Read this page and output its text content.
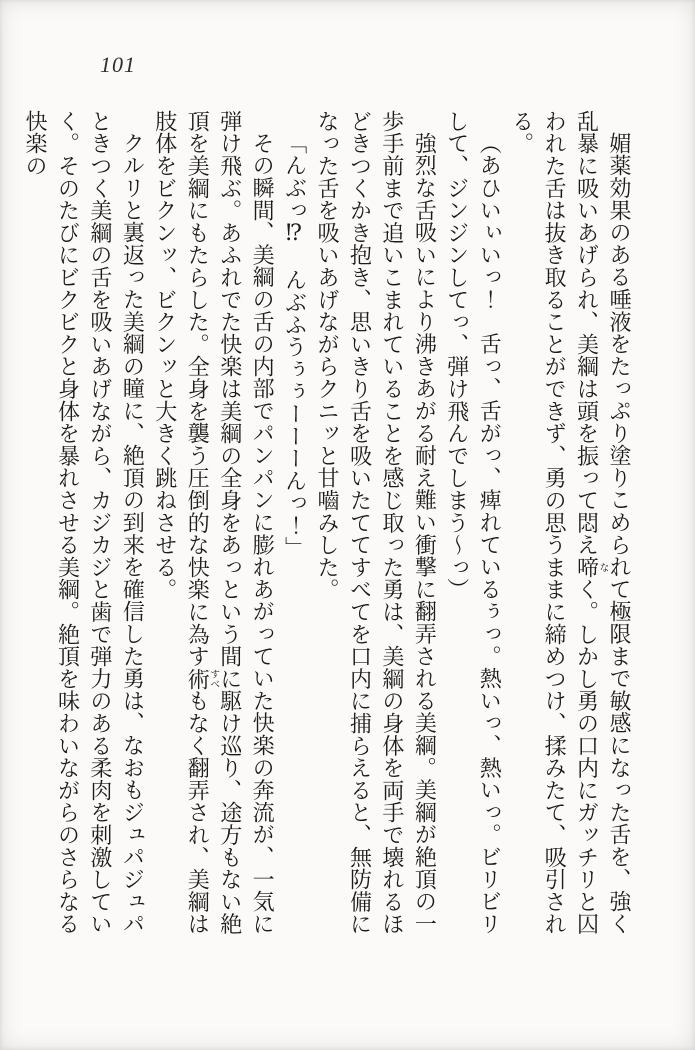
101

媚薬効果のある唾液をたっぷり塗りこめられて極限まで敏感になった舌を、強く乱暴に吸いあげられ、美綱は頭を振って悶え啼なく。しかし勇の口内にガッチリと囚われた舌は抜き取ることができず、勇の思うままに締めつけ、揉みたて、吸引される。

（あひいぃいっ！　舌っ、舌がっ、痺れているぅっ。熱いっ、熱いっ。ビリビリして、ジンジンしてっ、弾け飛んでしまう～っ）

強烈な舌吸いにより沸きあがる耐え難い衝撃に翻弄される美綱。美綱が絶頂の一歩手前まで追いこまれていることを感じ取った勇は、美綱の身体を両手で壊れるほどきつくかき抱き、思いきり舌を吸いたててすべてを口内に捕らえると、無防備になった舌を吸いあげながらクニッと甘嚙みした。

「んぶっ⁉　んぶふうぅぅーーーんっ！」

その瞬間、美綱の舌の内部でパンパンに膨れあがっていた快楽の奔流が、一気に弾け飛ぶ。あふれでた快楽は美綱の全身をあっという間に駆け巡り、途方もない絶頂を美綱にもたらした。全身を襲う圧倒的な快楽に為す術すべもなく翻弄され、美綱は肢体をビクンッ、ビクンッと大きく跳ねさせる。

クルリと裏返った美綱の瞳に、絶頂の到来を確信した勇は、なおもジュパジュパときつく美綱の舌を吸いあげながら、カジカジと歯で弾力のある柔肉を刺激していく。そのたびにビクビクと身体を暴れさせる美綱。絶頂を味わいながらのさらなる快楽の
